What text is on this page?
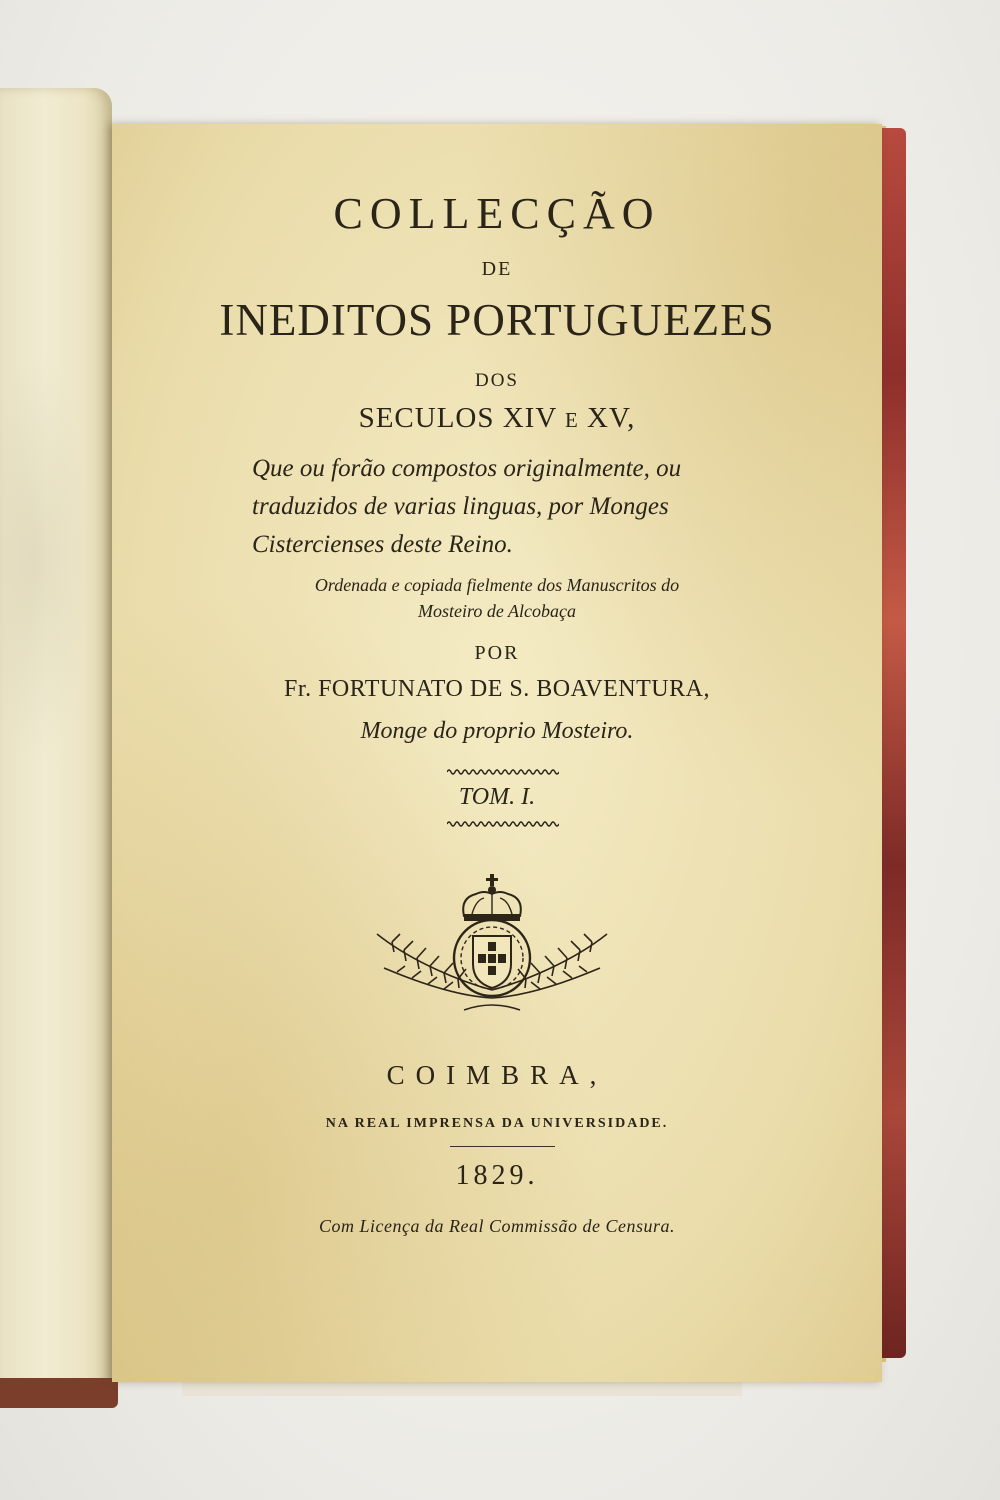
COLLECÇÃO
DE
INEDITOS PORTUGUEZES
DOS
SECULOS XIV E XV,
Que ou forão compostos originalmente, ou
traduzidos de varias linguas, por Monges
Cistercienses deste Reino.
Ordenada e copiada fielmente dos Manuscritos do
Mosteiro de Alcobaça
POR
Fr. FORTUNATO DE S. BOAVENTURA,
Monge do proprio Mosteiro.
TOM. I.
COIMBRA,
NA REAL IMPRENSA DA UNIVERSIDADE.
1829.
Com Licença da Real Commissão de Censura.
